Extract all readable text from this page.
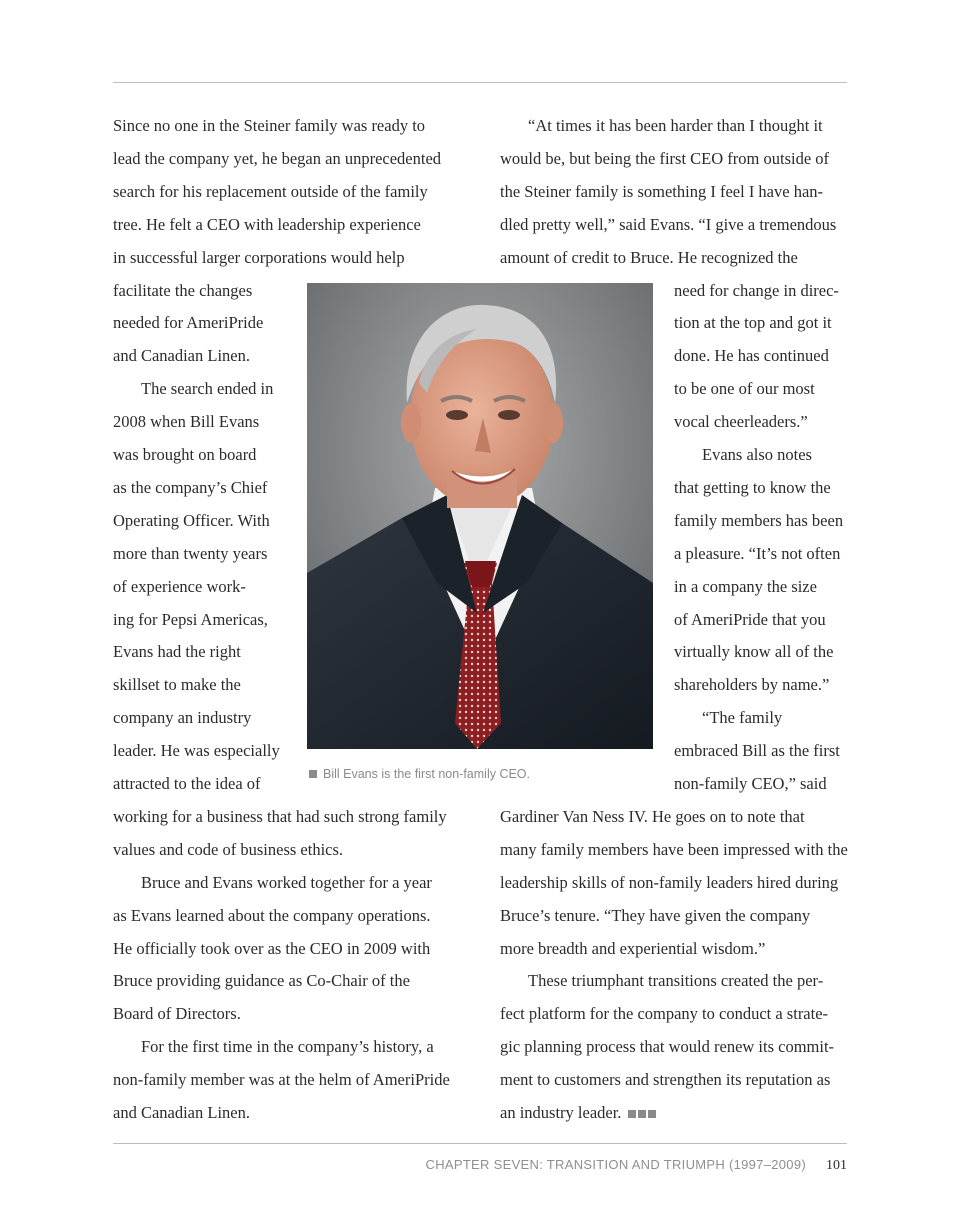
Since no one in the Steiner family was ready to

lead the company yet, he began an unprecedented

search for his replacement outside of the family

tree. He felt a CEO with leadership experience

in successful larger corporations would help

facilitate the changes

needed for AmeriPride

and Canadian Linen.

The search ended in

2008 when Bill Evans

was brought on board

as the company’s Chief

Operating Officer. With

more than twenty years

of experience work-

ing for Pepsi Americas,

Evans had the right

skillset to make the

company an industry

leader. He was especially

attracted to the idea of

working for a business that had such strong family

values and code of business ethics.

Bruce and Evans worked together for a year

as Evans learned about the company operations.

He officially took over as the CEO in 2009 with

Bruce providing guidance as Co-Chair of the

Board of Directors.

For the first time in the company’s history, a

non-family member was at the helm of AmeriPride

and Canadian Linen.

“At times it has been harder than I thought it

would be, but being the first CEO from outside of

the Steiner family is something I feel I have han-

dled pretty well,” said Evans. “I give a tremendous

amount of credit to Bruce. He recognized the

need for change in direc-

tion at the top and got it

done. He has continued

to be one of our most

vocal cheerleaders.”

Evans also notes

that getting to know the

family members has been

a pleasure. “It’s not often

in a company the size

of AmeriPride that you

virtually know all of the

shareholders by name.”

“The family

embraced Bill as the first

non-family CEO,” said

Gardiner Van Ness IV. He goes on to note that

many family members have been impressed with the

leadership skills of non-family leaders hired during

Bruce’s tenure. “They have given the company

more breadth and experiential wisdom.”

These triumphant transitions created the per-

fect platform for the company to conduct a strate-

gic planning process that would renew its commit-

ment to customers and strengthen its reputation as

an industry leader.

Bill Evans is the first non-family CEO.

CHAPTER SEVEN: TRANSITION AND TRIUMPH (1997–2009) 101
